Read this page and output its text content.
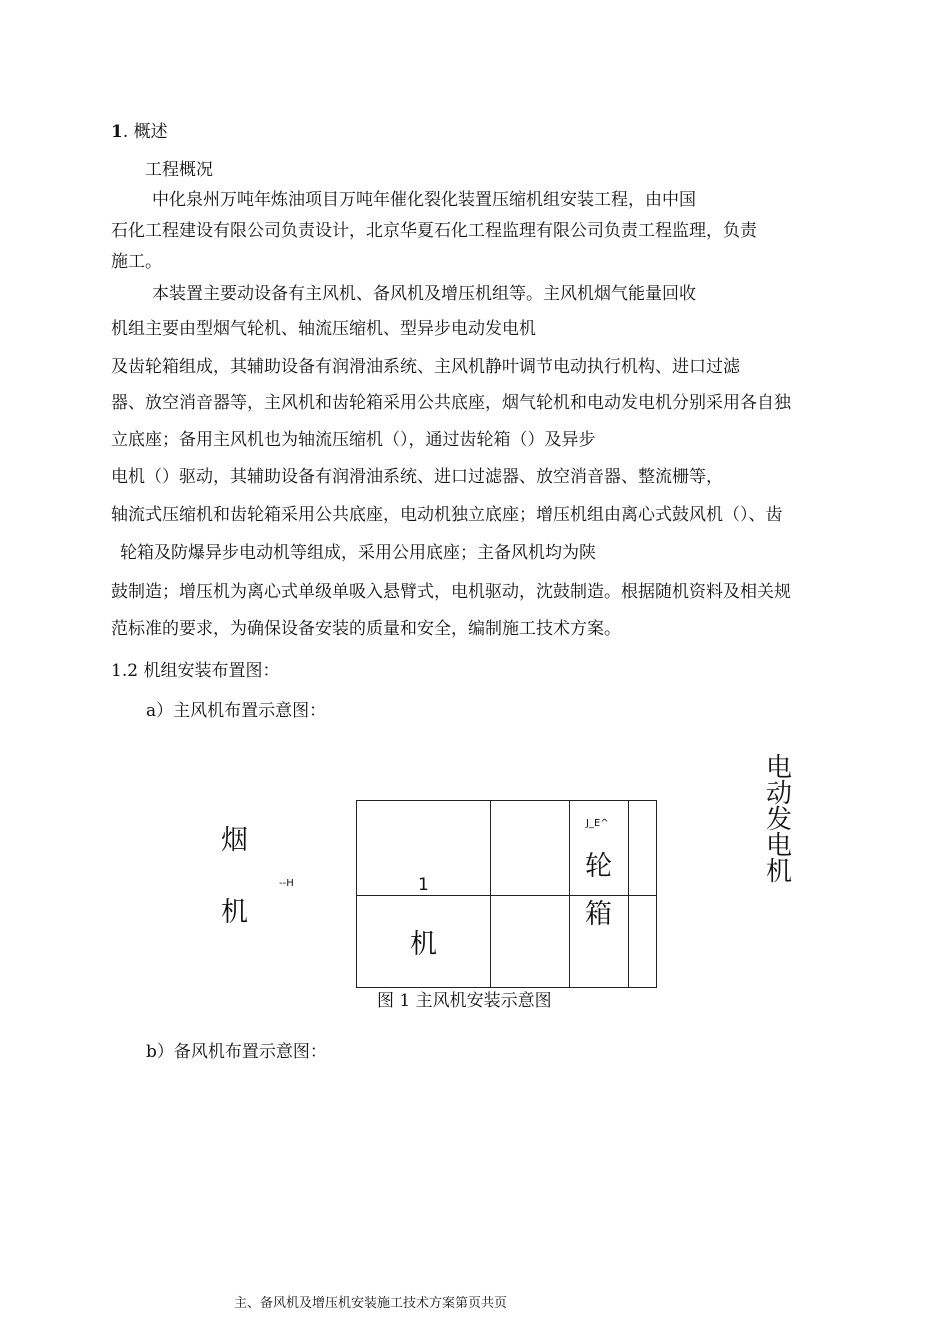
1. 概述
工程概况
中化泉州万吨年炼油项目万吨年催化裂化装置压缩机组安装工程，由中国
石化工程建设有限公司负责设计，北京华夏石化工程监理有限公司负责工程监理，负责
施工。
本装置主要动设备有主风机、备风机及增压机组等。主风机烟气能量回收
机组主要由型烟气轮机、轴流压缩机、型异步电动发电机
及齿轮箱组成，其辅助设备有润滑油系统、主风机静叶调节电动执行机构、进口过滤
器、放空消音器等，主风机和齿轮箱采用公共底座，烟气轮机和电动发电机分别采用各自独
立底座；备用主风机也为轴流压缩机（），通过齿轮箱（）及异步
电机（）驱动，其辅助设备有润滑油系统、进口过滤器、放空消音器、整流栅等，
轴流式压缩机和齿轮箱采用公共底座，电动机独立底座；增压机组由离心式鼓风机（）、齿
轮箱及防爆异步电动机等组成，采用公用底座；主备风机均为陕
鼓制造；增压机为离心式单级单吸入悬臂式，电机驱动，沈鼓制造。根据随机资料及相关规
范标准的要求，为确保设备安装的质量和安全，编制施工技术方案。
1.2 机组安装布置图：
a）主风机布置示意图：
烟
机
--H	1
机
J_E^
轮
箱
电动发电机
图 1 主风机安装示意图
b）备风机布置示意图：
主、备风机及增压机安装施工技术方案第页共页
